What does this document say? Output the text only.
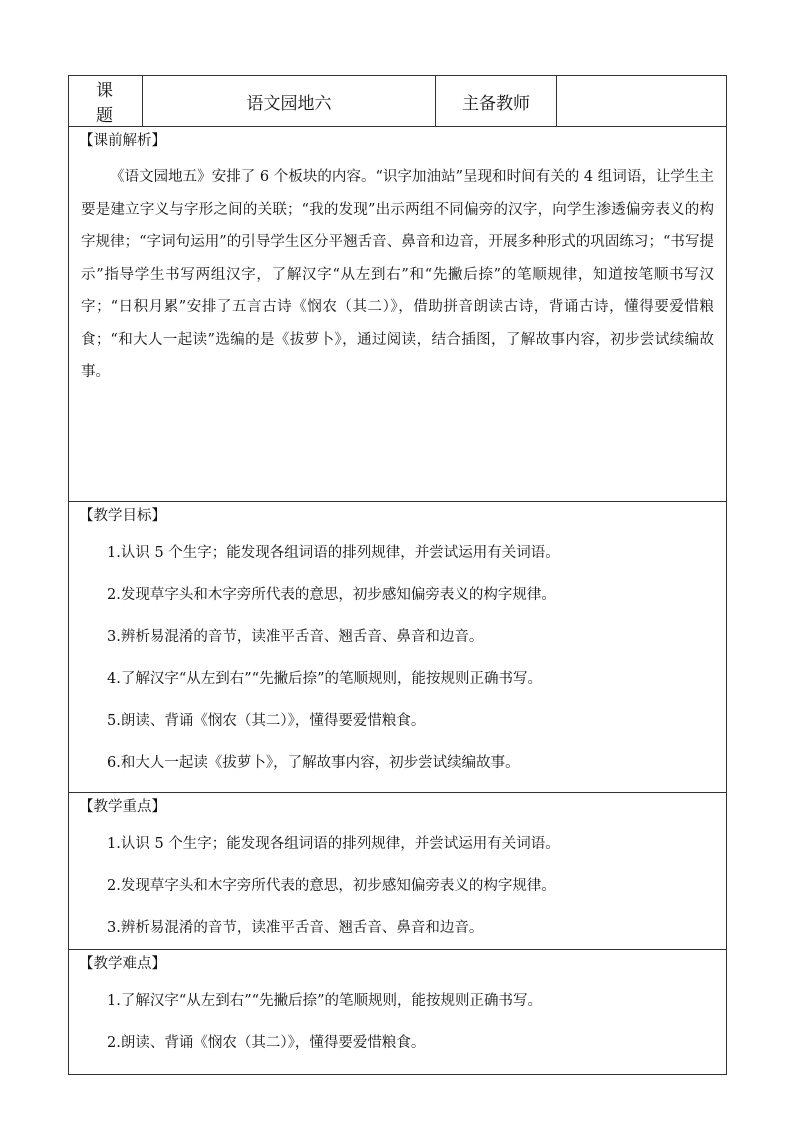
课 题	语文园地六	主备教师	

【课前解析】
《语文园地五》安排了 6 个板块的内容。“识字加油站”呈现和时间有关的 4 组词语，让学生主要是建立字义与字形之间的关联；“我的发现”出示两组不同偏旁的汉字，向学生渗透偏旁表义的构字规律；“字词句运用”的引导学生区分平翘舌音、鼻音和边音，开展多种形式的巩固练习；“书写提示”指导学生书写两组汉字，了解汉字“从左到右”和“先撇后捺”的笔顺规律，知道按笔顺书写汉字；“日积月累”安排了五言古诗《悯农（其二）》，借助拼音朗读古诗，背诵古诗，懂得要爱惜粮食；“和大人一起读”选编的是《拔萝卜》，通过阅读，结合插图，了解故事内容，初步尝试续编故事。

【教学目标】
1.认识 5 个生字；能发现各组词语的排列规律，并尝试运用有关词语。
2.发现草字头和木字旁所代表的意思，初步感知偏旁表义的构字规律。
3.辨析易混淆的音节，读准平舌音、翘舌音、鼻音和边音。
4.了解汉字“从左到右”“先撇后捺”的笔顺规则，能按规则正确书写。
5.朗读、背诵《悯农（其二）》，懂得要爱惜粮食。
6.和大人一起读《拔萝卜》，了解故事内容，初步尝试续编故事。

【教学重点】
1.认识 5 个生字；能发现各组词语的排列规律，并尝试运用有关词语。
2.发现草字头和木字旁所代表的意思，初步感知偏旁表义的构字规律。
3.辨析易混淆的音节，读准平舌音、翘舌音、鼻音和边音。

【教学难点】
1.了解汉字“从左到右”“先撇后捺”的笔顺规则，能按规则正确书写。
2.朗读、背诵《悯农（其二）》，懂得要爱惜粮食。
